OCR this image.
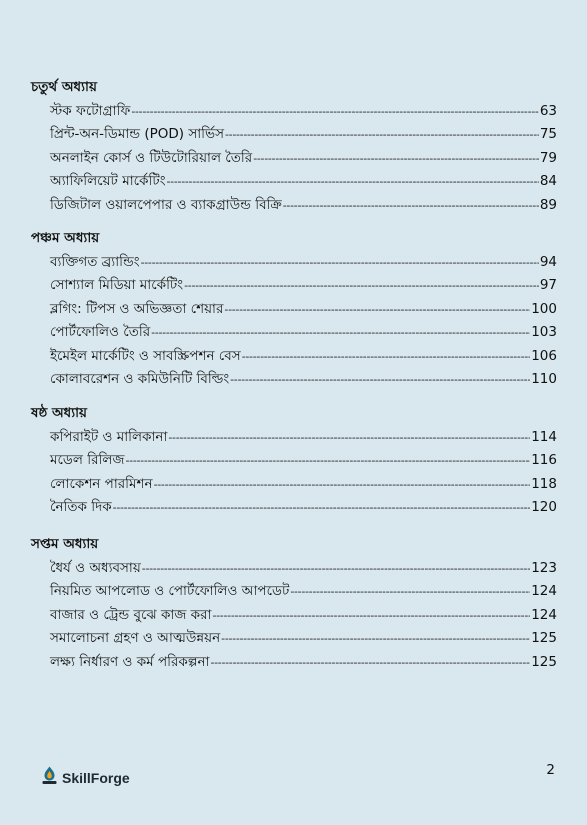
চতুর্থ অধ্যায়
স্টক ফটোগ্রাফি -----	63
প্রিন্ট-অন-ডিমান্ড (POD) সার্ভিস -----	75
অনলাইন কোর্স ও টিউটোরিয়াল তৈরি -----	79
অ্যাফিলিয়েট মার্কেটিং -----	84
ডিজিটাল ওয়ালপেপার ও ব্যাকগ্রাউন্ড বিক্রি -----	89
পঞ্চম অধ্যায়
ব্যক্তিগত ব্র্যান্ডিং -----	94
সোশ্যাল মিডিয়া মার্কেটিং -----	97
ব্লগিং: টিপস ও অভিজ্ঞতা শেয়ার -----	100
পোর্টফোলিও তৈরি -----	103
ইমেইল মার্কেটিং ও সাবস্ক্রিপশন বেস -----	106
কোলাবরেশন ও কমিউনিটি বিল্ডিং -----	110
ষষ্ঠ অধ্যায়
কপিরাইট ও মালিকানা -----	114
মডেল রিলিজ -----	116
লোকেশন পারমিশন -----	118
নৈতিক দিক -----	120
সপ্তম অধ্যায়
ধৈর্য ও অধ্যবসায় -----	123
নিয়মিত আপলোড ও পোর্টফোলিও আপডেট -----	124
বাজার ও ট্রেন্ড বুঝে কাজ করা -----	124
সমালোচনা গ্রহণ ও আত্মউন্নয়ন -----	125
লক্ষ্য নির্ধারণ ও কর্ম পরিকল্পনা -----	125
SkillForge	2
